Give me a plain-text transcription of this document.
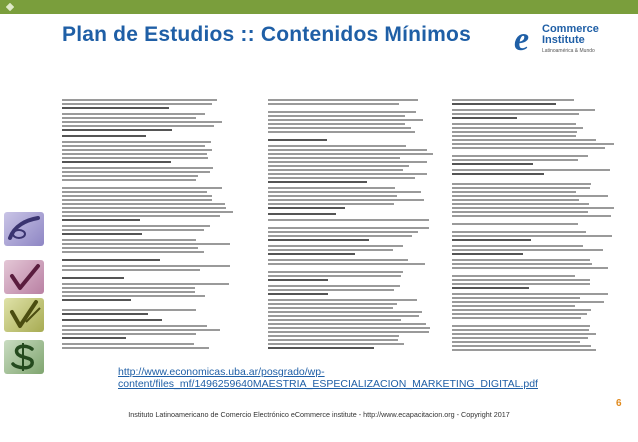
Plan de Estudios :: Contenidos Mínimos e Commerce
Institute
Latinoamérica & Mundo
http://www.economicas.uba.ar/posgrado/wp-content/files_mf/1496259640MAESTRIA_ESPECIALIZACION_MARKETING_DIGITAL.pdf
6
Instituto Latinoamericano de Comercio Electrónico eCommerce institute - http://www.ecapacitacion.org - Copyright 2017
